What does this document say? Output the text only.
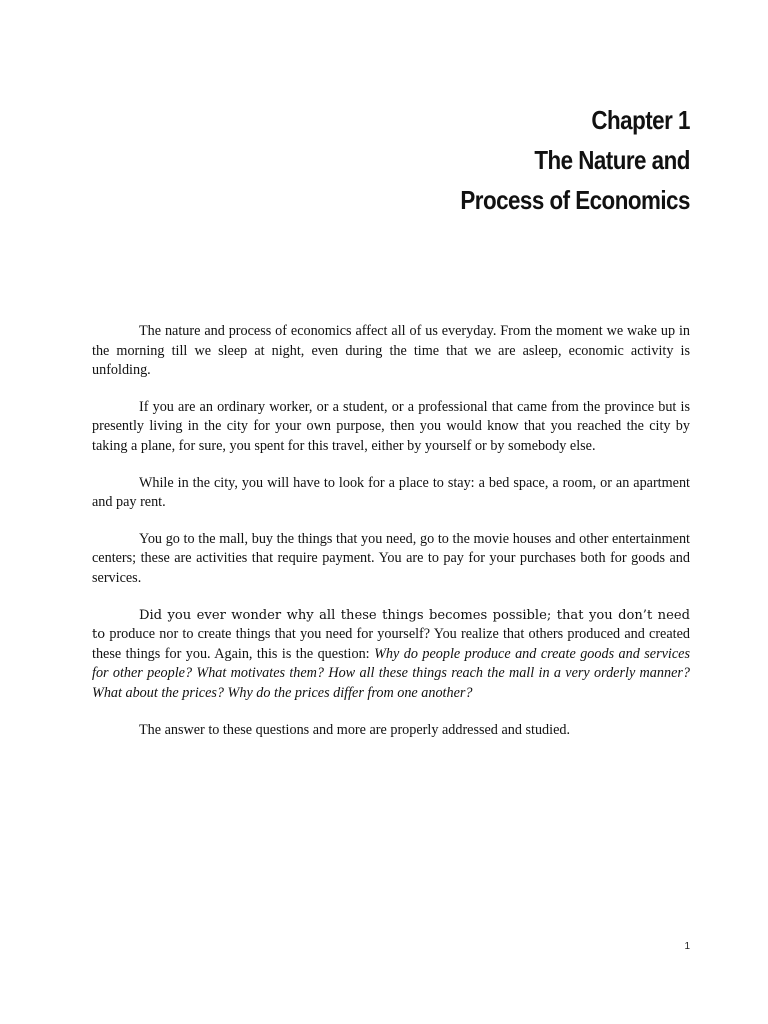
Chapter 1
The Nature and
Process of Economics

The nature and process of economics affect all of us everyday. From the moment we wake up in the morning till we sleep at night, even during the time that we are asleep, economic activity is unfolding.

If you are an ordinary worker, or a student, or a professional that came from the province but is presently living in the city for your own purpose, then you would know that you reached the city by taking a plane, for sure, you spent for this travel, either by yourself or by somebody else.

While in the city, you will have to look for a place to stay: a bed space, a room, or an apartment and pay rent.

You go to the mall, buy the things that you need, go to the movie houses and other entertainment centers; these are activities that require payment. You are to pay for your purchases both for goods and services.

Did you ever wonder why all these things becomes possible; that you don’t need to produce nor to create things that you need for yourself? You realize that others produced and created these things for you. Again, this is the question: Why do people produce and create goods and services for other people? What motivates them? How all these things reach the mall in a very orderly manner? What about the prices? Why do the prices differ from one another?

The answer to these questions and more are properly addressed and studied.

1
